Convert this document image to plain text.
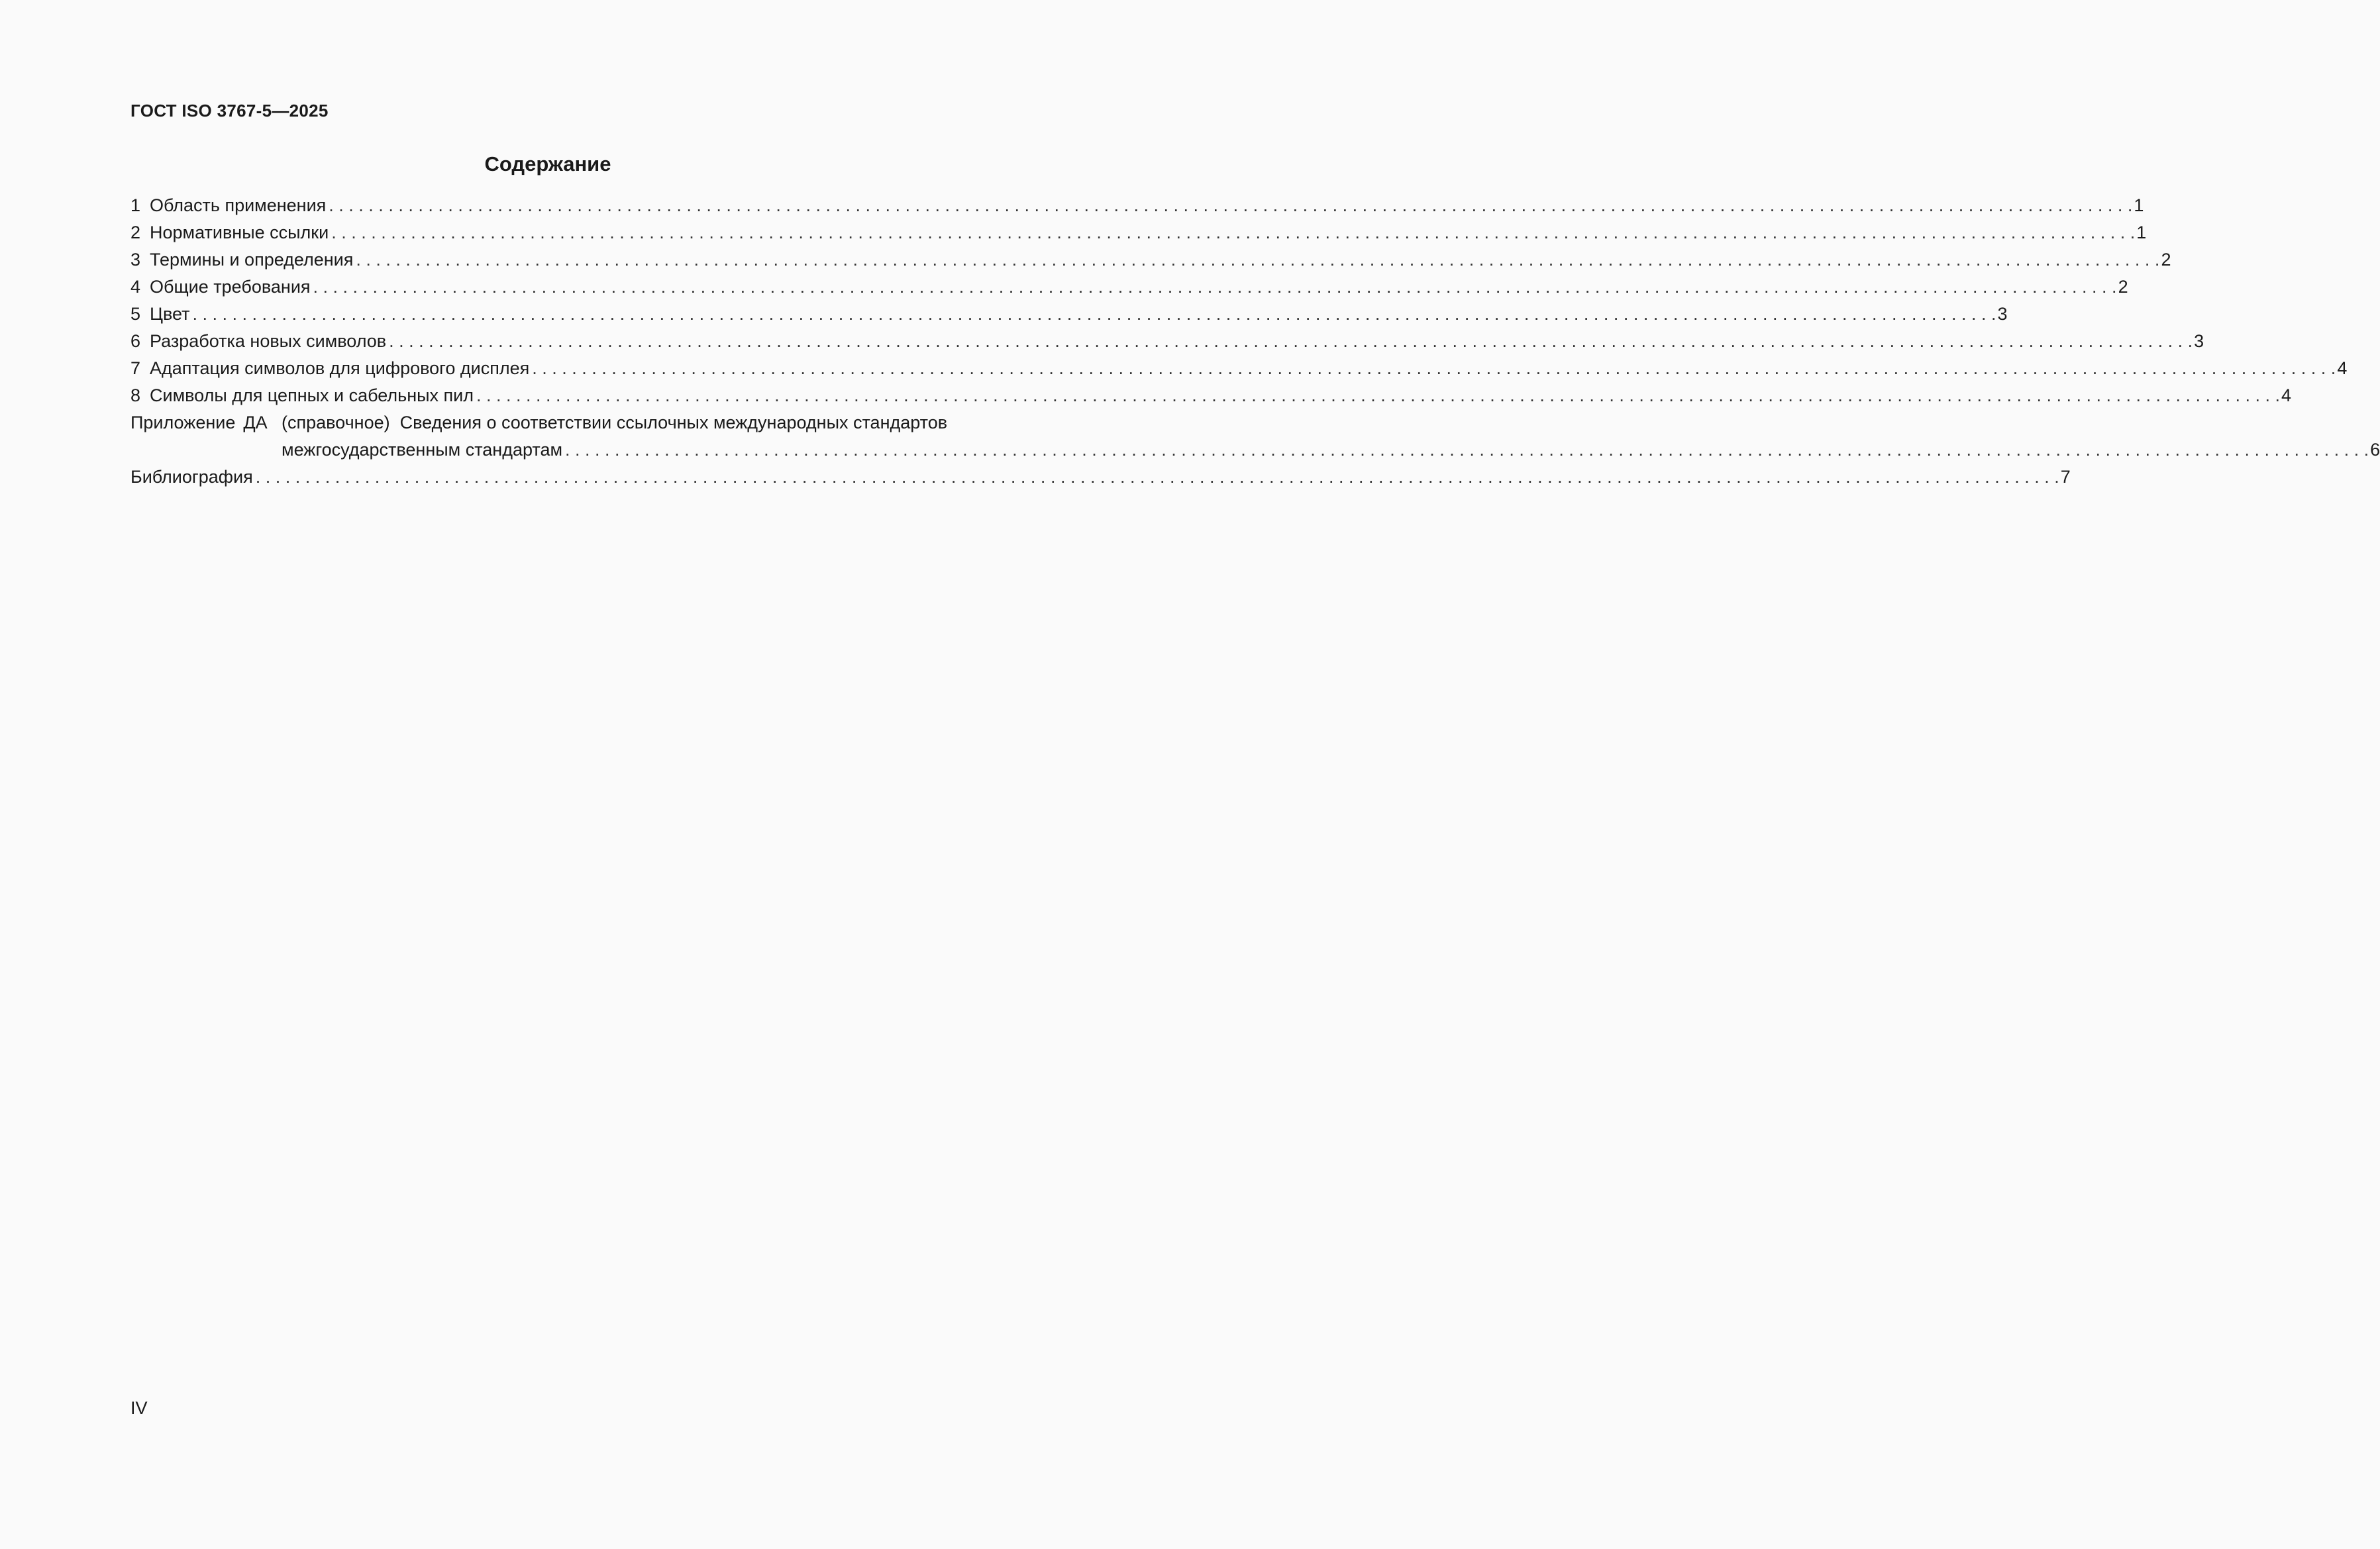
ГОСТ ISO 3767-5—2025
Содержание
1 Область применения . . .	1
2 Нормативные ссылки . . .	1
3 Термины и определения . . .	2
4 Общие требования . . .	2
5 Цвет . . .	3
6 Разработка новых символов . . .	3
7 Адаптация символов для цифрового дисплея . . .	4
8 Символы для цепных и сабельных пил . . .	4
Приложение ДА (справочное) Сведения о соответствии ссылочных международных стандартов
межгосударственным стандартам . . .	6
Библиография . . .	7
IV
